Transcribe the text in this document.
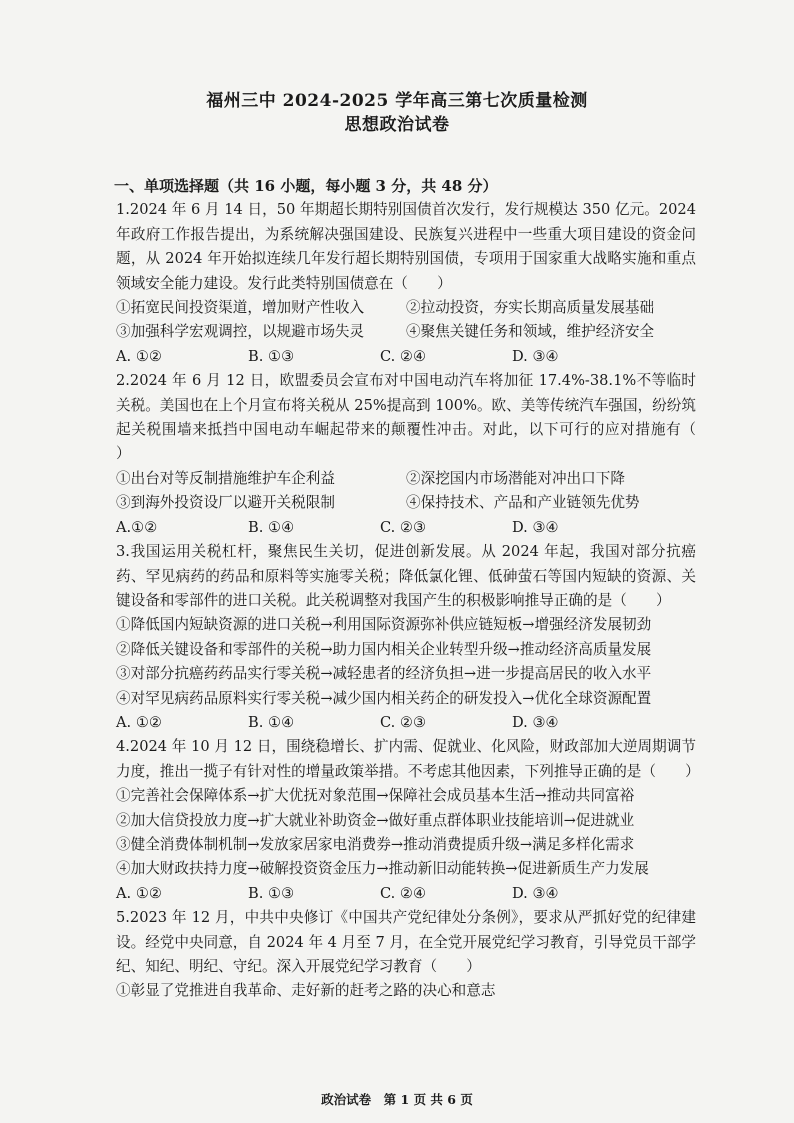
福州三中 2024-2025 学年高三第七次质量检测
思想政治试卷
一、单项选择题（共 16 小题，每小题 3 分，共 48 分）
1.2024 年 6 月 14 日，50 年期超长期特别国债首次发行，发行规模达 350 亿元。2024 年政府工作报告提出，为系统解决强国建设、民族复兴进程中一些重大项目建设的资金问题，从 2024 年开始拟连续几年发行超长期特别国债，专项用于国家重大战略实施和重点领域安全能力建设。发行此类特别国债意在（　　）
①拓宽民间投资渠道，增加财产性收入	②拉动投资，夯实长期高质量发展基础
③加强科学宏观调控，以规避市场失灵	④聚焦关键任务和领域，维护经济安全
A. ①②	B. ①③	C. ②④	D. ③④
2.2024 年 6 月 12 日，欧盟委员会宣布对中国电动汽车将加征 17.4%-38.1%不等临时关税。美国也在上个月宣布将关税从 25%提高到 100%。欧、美等传统汽车强国，纷纷筑起关税围墙来抵挡中国电动车崛起带来的颠覆性冲击。对此，以下可行的应对措施有（　　）
①出台对等反制措施维护车企利益	②深挖国内市场潜能对冲出口下降
③到海外投资设厂以避开关税限制	④保持技术、产品和产业链领先优势
A.①②	B. ①④	C. ②③	D. ③④
3.我国运用关税杠杆，聚焦民生关切，促进创新发展。从 2024 年起，我国对部分抗癌药、罕见病药的药品和原料等实施零关税；降低氯化锂、低砷萤石等国内短缺的资源、关键设备和零部件的进口关税。此关税调整对我国产生的积极影响推导正确的是（　　）
①降低国内短缺资源的进口关税→利用国际资源弥补供应链短板→增强经济发展韧劲
②降低关键设备和零部件的关税→助力国内相关企业转型升级→推动经济高质量发展
③对部分抗癌药药品实行零关税→减轻患者的经济负担→进一步提高居民的收入水平
④对罕见病药品原料实行零关税→减少国内相关药企的研发投入→优化全球资源配置
A. ①②	B. ①④	C. ②③	D. ③④
4.2024 年 10 月 12 日，围绕稳增长、扩内需、促就业、化风险，财政部加大逆周期调节力度，推出一揽子有针对性的增量政策举措。不考虑其他因素，下列推导正确的是（　　）
①完善社会保障体系→扩大优抚对象范围→保障社会成员基本生活→推动共同富裕
②加大信贷投放力度→扩大就业补助资金→做好重点群体职业技能培训→促进就业
③健全消费体制机制→发放家居家电消费券→推动消费提质升级→满足多样化需求
④加大财政扶持力度→破解投资资金压力→推动新旧动能转换→促进新质生产力发展
A. ①②	B. ①③	C. ②④	D. ③④
5.2023 年 12 月，中共中央修订《中国共产党纪律处分条例》，要求从严抓好党的纪律建设。经党中央同意，自 2024 年 4 月至 7 月，在全党开展党纪学习教育，引导党员干部学纪、知纪、明纪、守纪。深入开展党纪学习教育（　　）
①彰显了党推进自我革命、走好新的赶考之路的决心和意志
政治试卷　第 1 页 共 6 页
